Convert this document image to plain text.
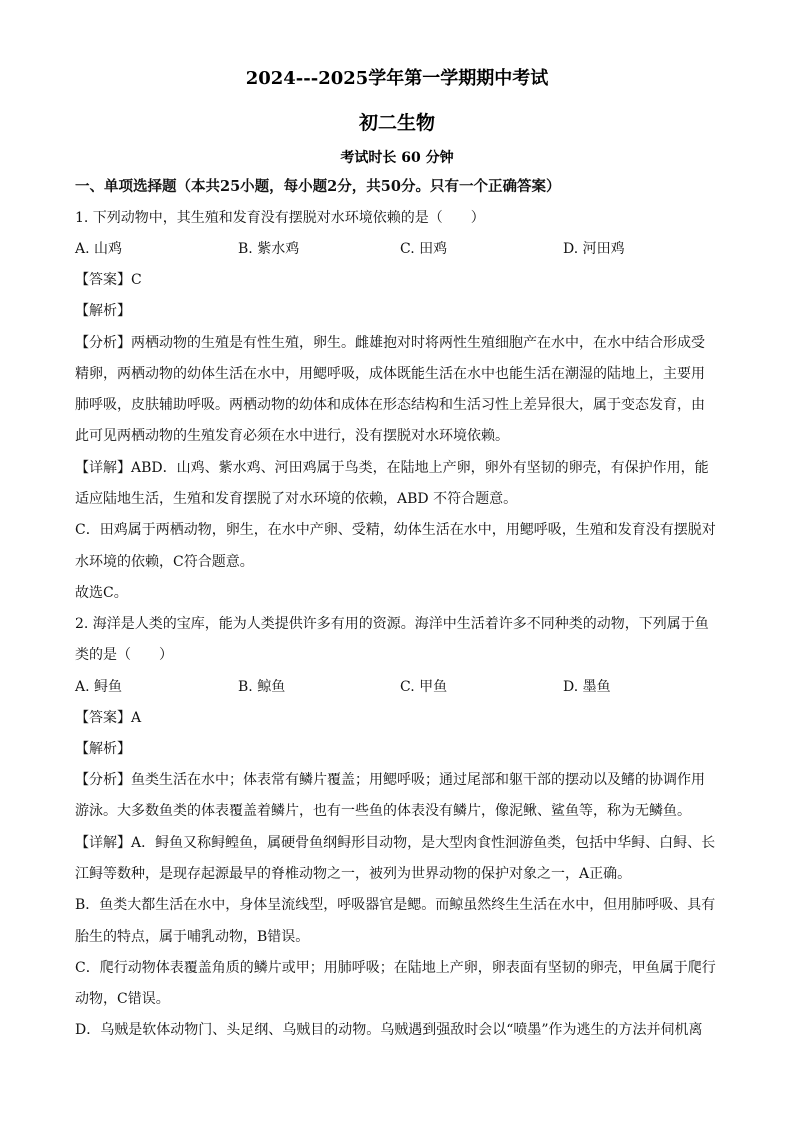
2024---2025学年第一学期期中考试
初二生物
考试时长 60 分钟
一、单项选择题（本共25小题，每小题2分，共50分。只有一个正确答案）
1. 下列动物中，其生殖和发育没有摆脱对水环境依赖的是（　　）
A. 山鸡	B. 紫水鸡	C. 田鸡	D. 河田鸡
【答案】C
【解析】
【分析】两栖动物的生殖是有性生殖，卵生。雌雄抱对时将两性生殖细胞产在水中，在水中结合形成受
精卵，两栖动物的幼体生活在水中，用鳃呼吸，成体既能生活在水中也能生活在潮湿的陆地上，主要用
肺呼吸，皮肤辅助呼吸。两栖动物的幼体和成体在形态结构和生活习性上差异很大，属于变态发育，由
此可见两栖动物的生殖发育必须在水中进行，没有摆脱对水环境依赖。
【详解】ABD．山鸡、紫水鸡、河田鸡属于鸟类，在陆地上产卵，卵外有坚韧的卵壳，有保护作用，能
适应陆地生活，生殖和发育摆脱了对水环境的依赖，ABD 不符合题意。
C．田鸡属于两栖动物，卵生，在水中产卵、受精，幼体生活在水中，用鳃呼吸，生殖和发育没有摆脱对
水环境的依赖，C符合题意。
故选C。
2. 海洋是人类的宝库，能为人类提供许多有用的资源。海洋中生活着许多不同种类的动物，下列属于鱼
类的是（　　）
A. 鲟鱼	B. 鲸鱼	C. 甲鱼	D. 墨鱼
【答案】A
【解析】
【分析】鱼类生活在水中；体表常有鳞片覆盖；用鳃呼吸；通过尾部和躯干部的摆动以及鳍的协调作用
游泳。大多数鱼类的体表覆盖着鳞片，也有一些鱼的体表没有鳞片，像泥鳅、鲨鱼等，称为无鳞鱼。
【详解】A．鲟鱼又称鲟鳇鱼，属硬骨鱼纲鲟形目动物，是大型肉食性洄游鱼类，包括中华鲟、白鲟、长
江鲟等数种，是现存起源最早的脊椎动物之一，被列为世界动物的保护对象之一，A正确。
B．鱼类大都生活在水中，身体呈流线型，呼吸器官是鳃。而鲸虽然终生生活在水中，但用肺呼吸、具有
胎生的特点，属于哺乳动物，B错误。
C．爬行动物体表覆盖角质的鳞片或甲；用肺呼吸；在陆地上产卵，卵表面有坚韧的卵壳，甲鱼属于爬行
动物，C错误。
D．乌贼是软体动物门、头足纲、乌贼目的动物。乌贼遇到强敌时会以“喷墨”作为逃生的方法并伺机离
